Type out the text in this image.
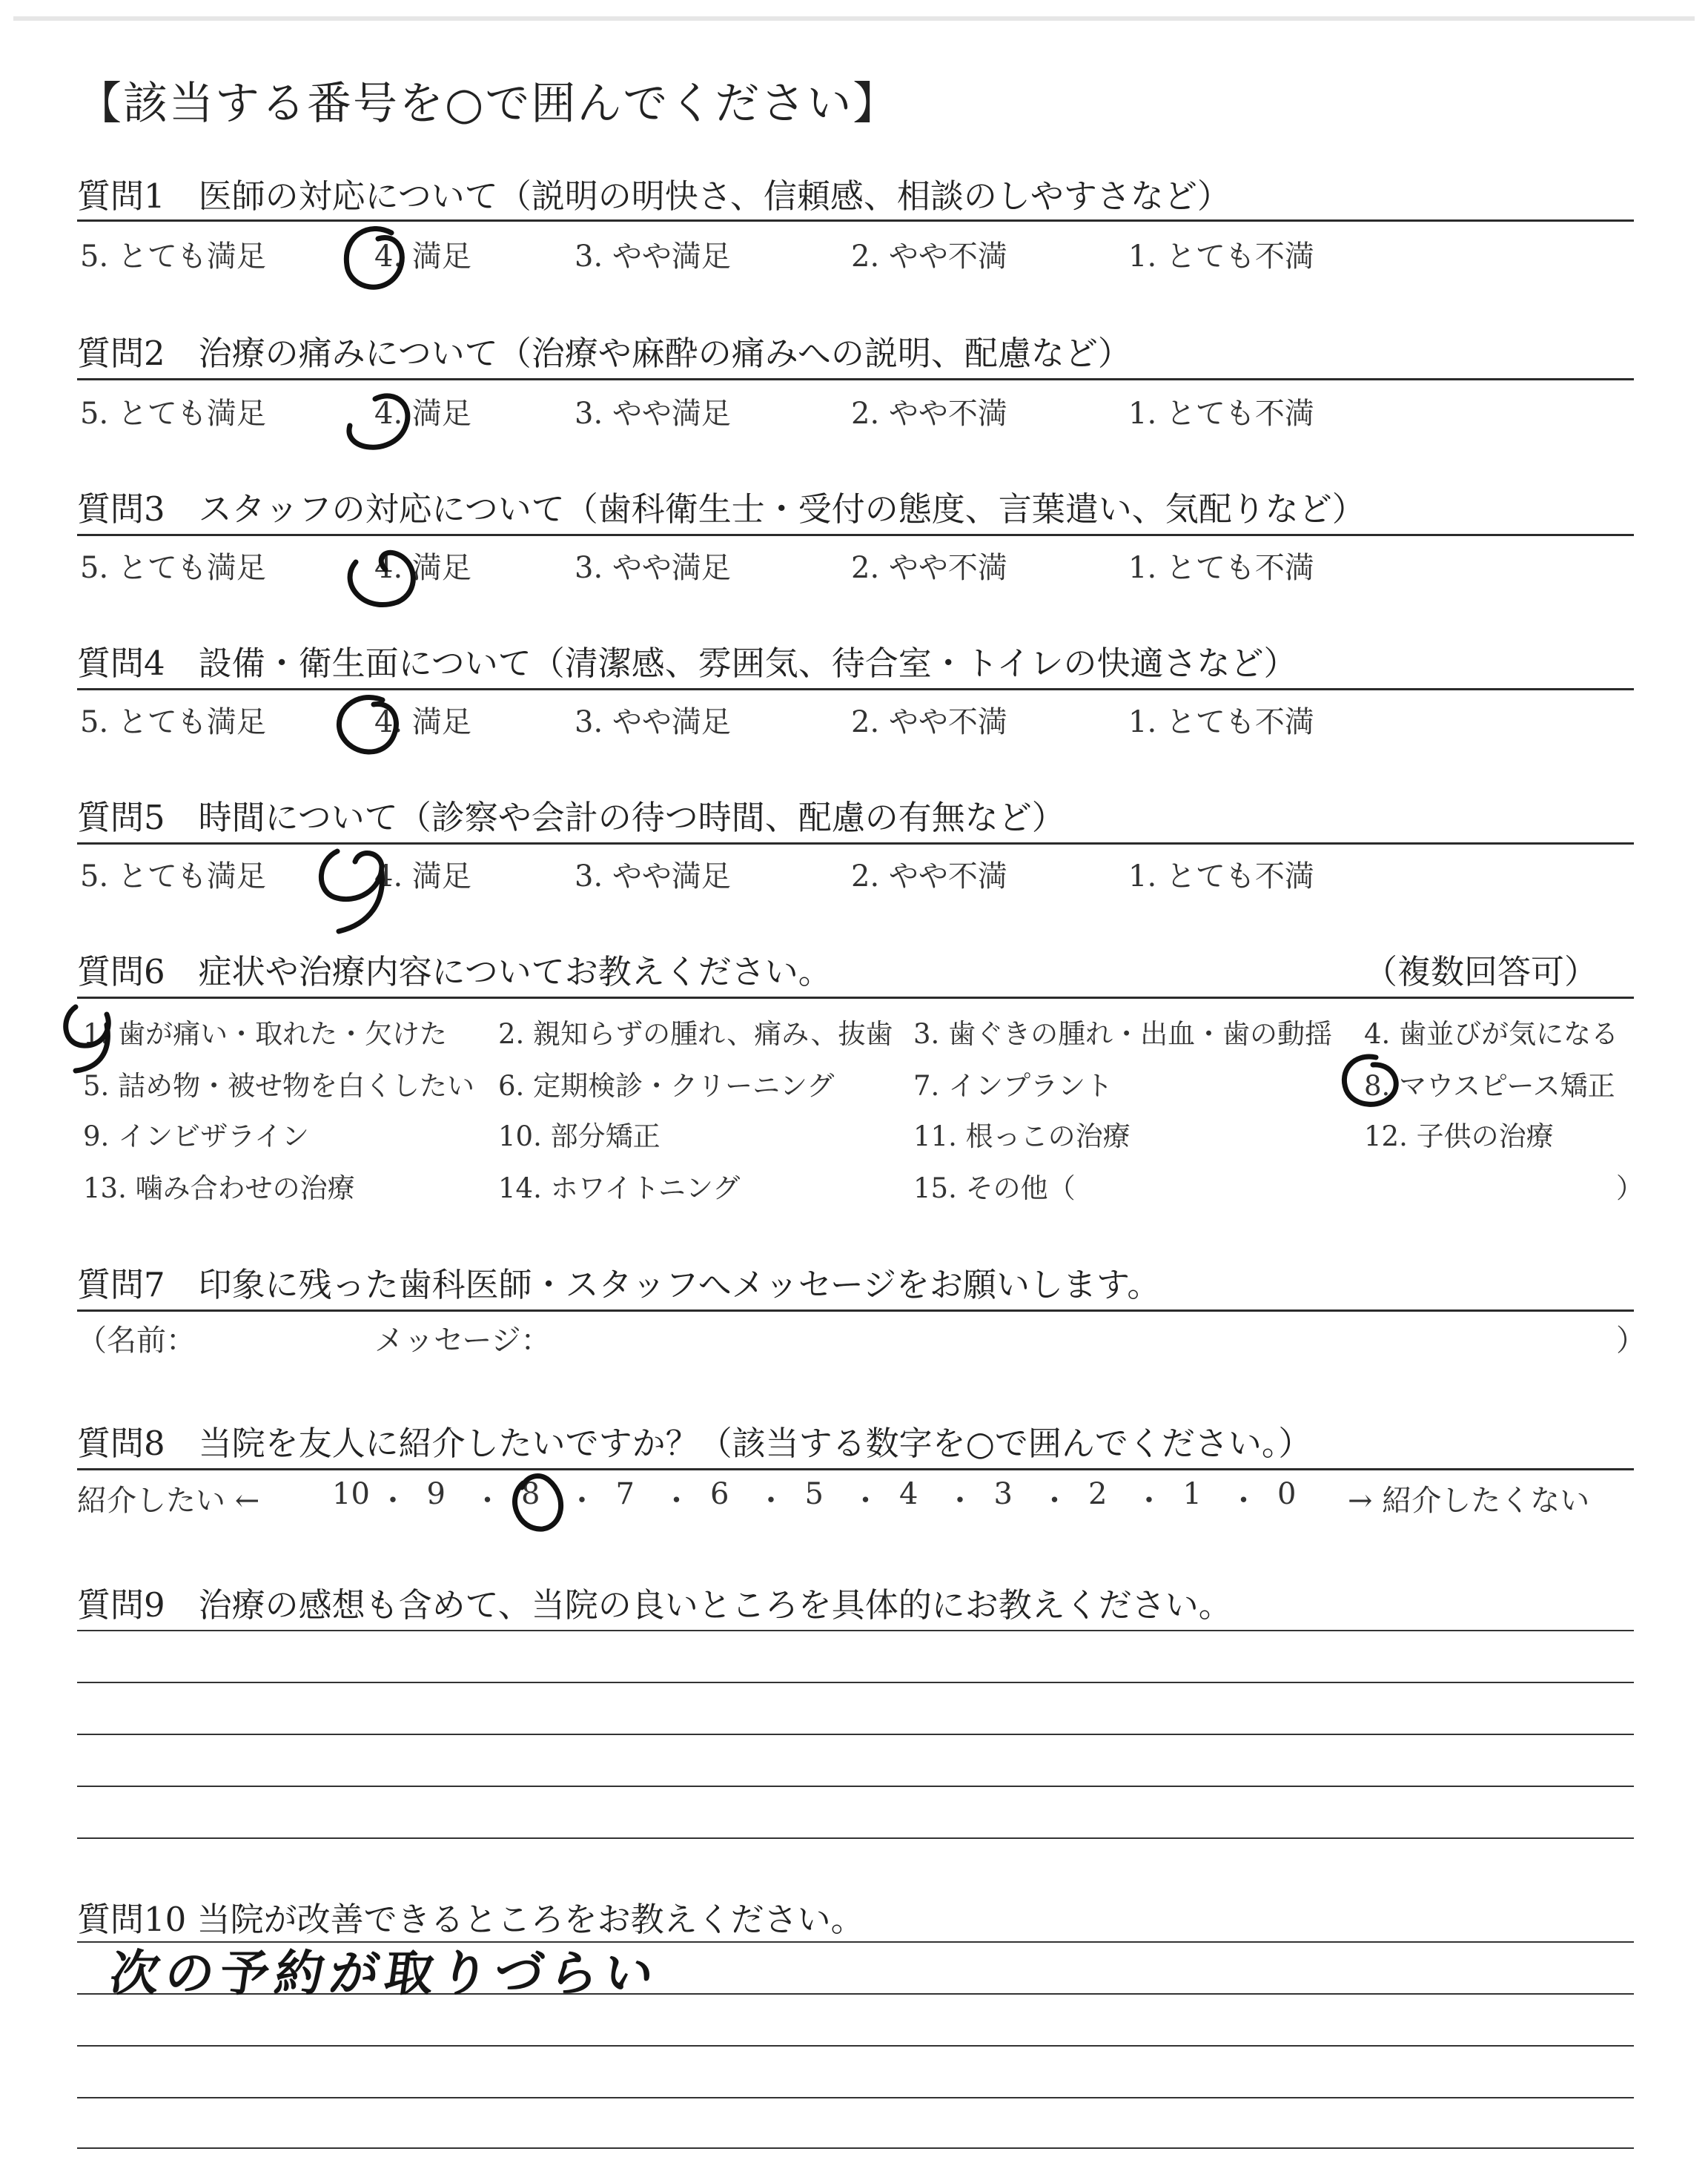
【該当する番号を○で囲んでください】
質問1　医師の対応について（説明の明快さ、信頼感、相談のしやすさなど）
5. とても満足	4. 満足	3. やや満足	2. やや不満	1. とても不満
質問2　治療の痛みについて（治療や麻酔の痛みへの説明、配慮など）
5. とても満足	4. 満足	3. やや満足	2. やや不満	1. とても不満
質問3　スタッフの対応について（歯科衛生士・受付の態度、言葉遣い、気配りなど）
5. とても満足	4. 満足	3. やや満足	2. やや不満	1. とても不満
質問4　設備・衛生面について（清潔感、雰囲気、待合室・トイレの快適さなど）
5. とても満足	4. 満足	3. やや満足	2. やや不満	1. とても不満
質問5　時間について（診察や会計の待つ時間、配慮の有無など）
5. とても満足	4. 満足	3. やや満足	2. やや不満	1. とても不満
質問6　症状や治療内容についてお教えください。	（複数回答可）
1. 歯が痛い・取れた・欠けた 2. 親知らずの腫れ、痛み、抜歯 3. 歯ぐきの腫れ・出血・歯の動揺 4. 歯並びが気になる
5. 詰め物・被せ物を白くしたい 6. 定期検診・クリーニング	7. インプラント	8. マウスピース矯正
9. インビザライン	10. 部分矯正	11. 根っこの治療	12. 子供の治療
13. 噛み合わせの治療	14. ホワイトニング	15. その他（	）
質問7　印象に残った歯科医師・スタッフへメッセージをお願いします。
（名前：	メッセージ：	）
質問8　当院を友人に紹介したいですか？（該当する数字を○で囲んでください。）
紹介したい ← 10 ・ 9 ・ 8 ・ 7 ・ 6 ・ 5 ・ 4 ・ 3 ・ 2 ・ 1 ・ 0 → 紹介したくない
質問9　治療の感想も含めて、当院の良いところを具体的にお教えください。
質問10 当院が改善できるところをお教えください。
次の予約が取りづらい
